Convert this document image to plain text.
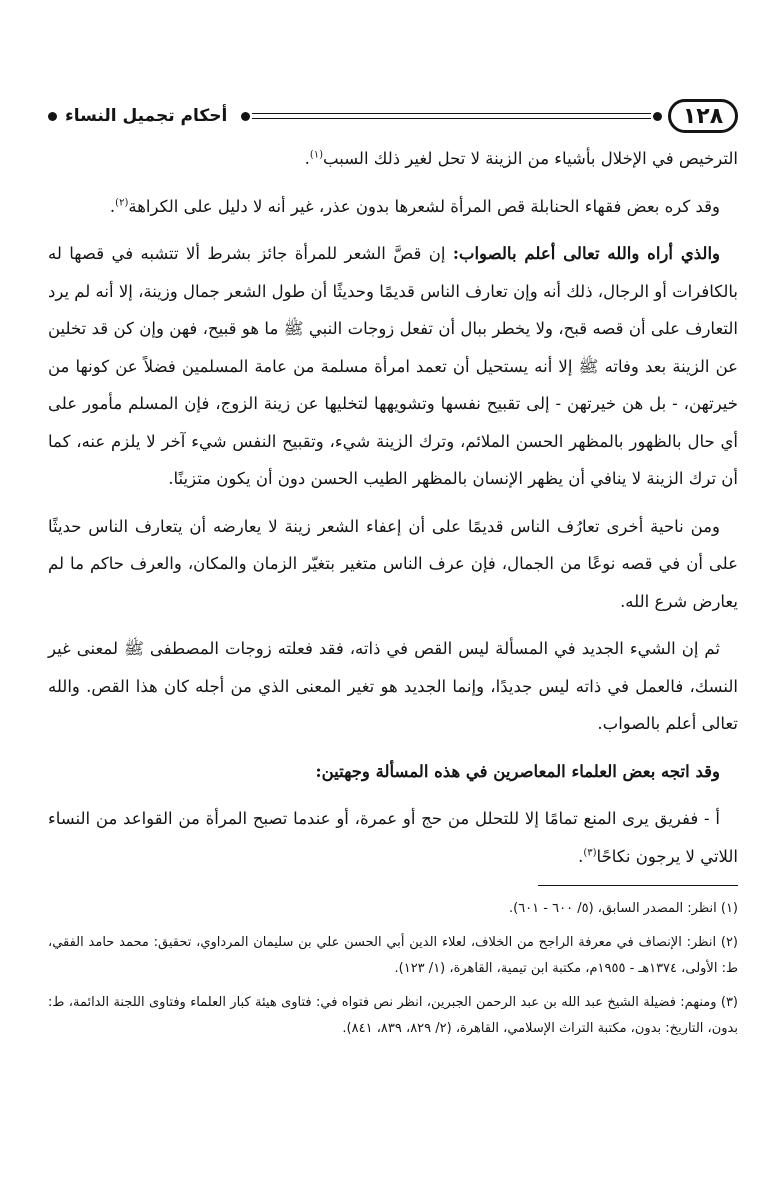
١٢٨
أحكام تجميل النساء

الترخيص في الإخلال بأشياء من الزينة لا تحل لغير ذلك السبب$^{(١)}$.

وقد كره بعض فقهاء الحنابلة قص المرأة لشعرها بدون عذر، غير أنه لا دليل على الكراهة$^{(٢)}$.

والذي أراه والله تعالى أعلم بالصواب: إن قصَّ الشعر للمرأة جائز بشرط ألا تتشبه في قصها له بالكافرات أو الرجال، ذلك أنه وإن تعارف الناس قديمًا وحديثًا أن طول الشعر جمال وزينة، إلا أنه لم يرد التعارف على أن قصه قبح، ولا يخطر ببال أن تفعل زوجات النبي ﷺ ما هو قبيح، فهن وإن كن قد تخلين عن الزينة بعد وفاته ﷺ إلا أنه يستحيل أن تعمد امرأة مسلمة من عامة المسلمين فضلاً عن كونها من خيرتهن، - بل هن خيرتهن - إلى تقبيح نفسها وتشويهها لتخليها عن زينة الزوج، فإن المسلم مأمور على أي حال بالظهور بالمظهر الحسن الملائم، وترك الزينة شيء، وتقبيح النفس شيء آخر لا يلزم عنه، كما أن ترك الزينة لا ينافي أن يظهر الإنسان بالمظهر الطيب الحسن دون أن يكون متزينًا.

ومن ناحية أخرى تعارُف الناس قديمًا على أن إعفاء الشعر زينة لا يعارضه أن يتعارف الناس حديثًا على أن في قصه نوعًا من الجمال، فإن عرف الناس متغير بتغيّر الزمان والمكان، والعرف حاكم ما لم يعارض شرع الله.

ثم إن الشيء الجديد في المسألة ليس القص في ذاته، فقد فعلته زوجات المصطفى ﷺ لمعنى غير النسك، فالعمل في ذاته ليس جديدًا، وإنما الجديد هو تغير المعنى الذي من أجله كان هذا القص. والله تعالى أعلم بالصواب.

وقد اتجه بعض العلماء المعاصرين في هذه المسألة وجهتين:

أ - ففريق يرى المنع تمامًا إلا للتحلل من حج أو عمرة، أو عندما تصبح المرأة من القواعد من النساء اللاتي لا يرجون نكاحًا$^{(٣)}$.

(١) انظر: المصدر السابق، (٥/ ٦٠٠ - ٦٠١).

(٢) انظر: الإنصاف في معرفة الراجح من الخلاف، لعلاء الدين أبي الحسن علي بن سليمان المرداوي، تحقيق: محمد حامد الفقي، ط: الأولى، ١٣٧٤هـ - ١٩٥٥م، مكتبة ابن تيمية، القاهرة، (١/ ١٢٣).

(٣) ومنهم: فضيلة الشيخ عبد الله بن عبد الرحمن الجبرين، انظر نص فتواه في: فتاوى هيئة كبار العلماء وفتاوى اللجنة الدائمة، ط: بدون، التاريخ: بدون، مكتبة التراث الإسلامي، القاهرة، (٢/ ٨٢٩، ٨٣٩، ٨٤١).
